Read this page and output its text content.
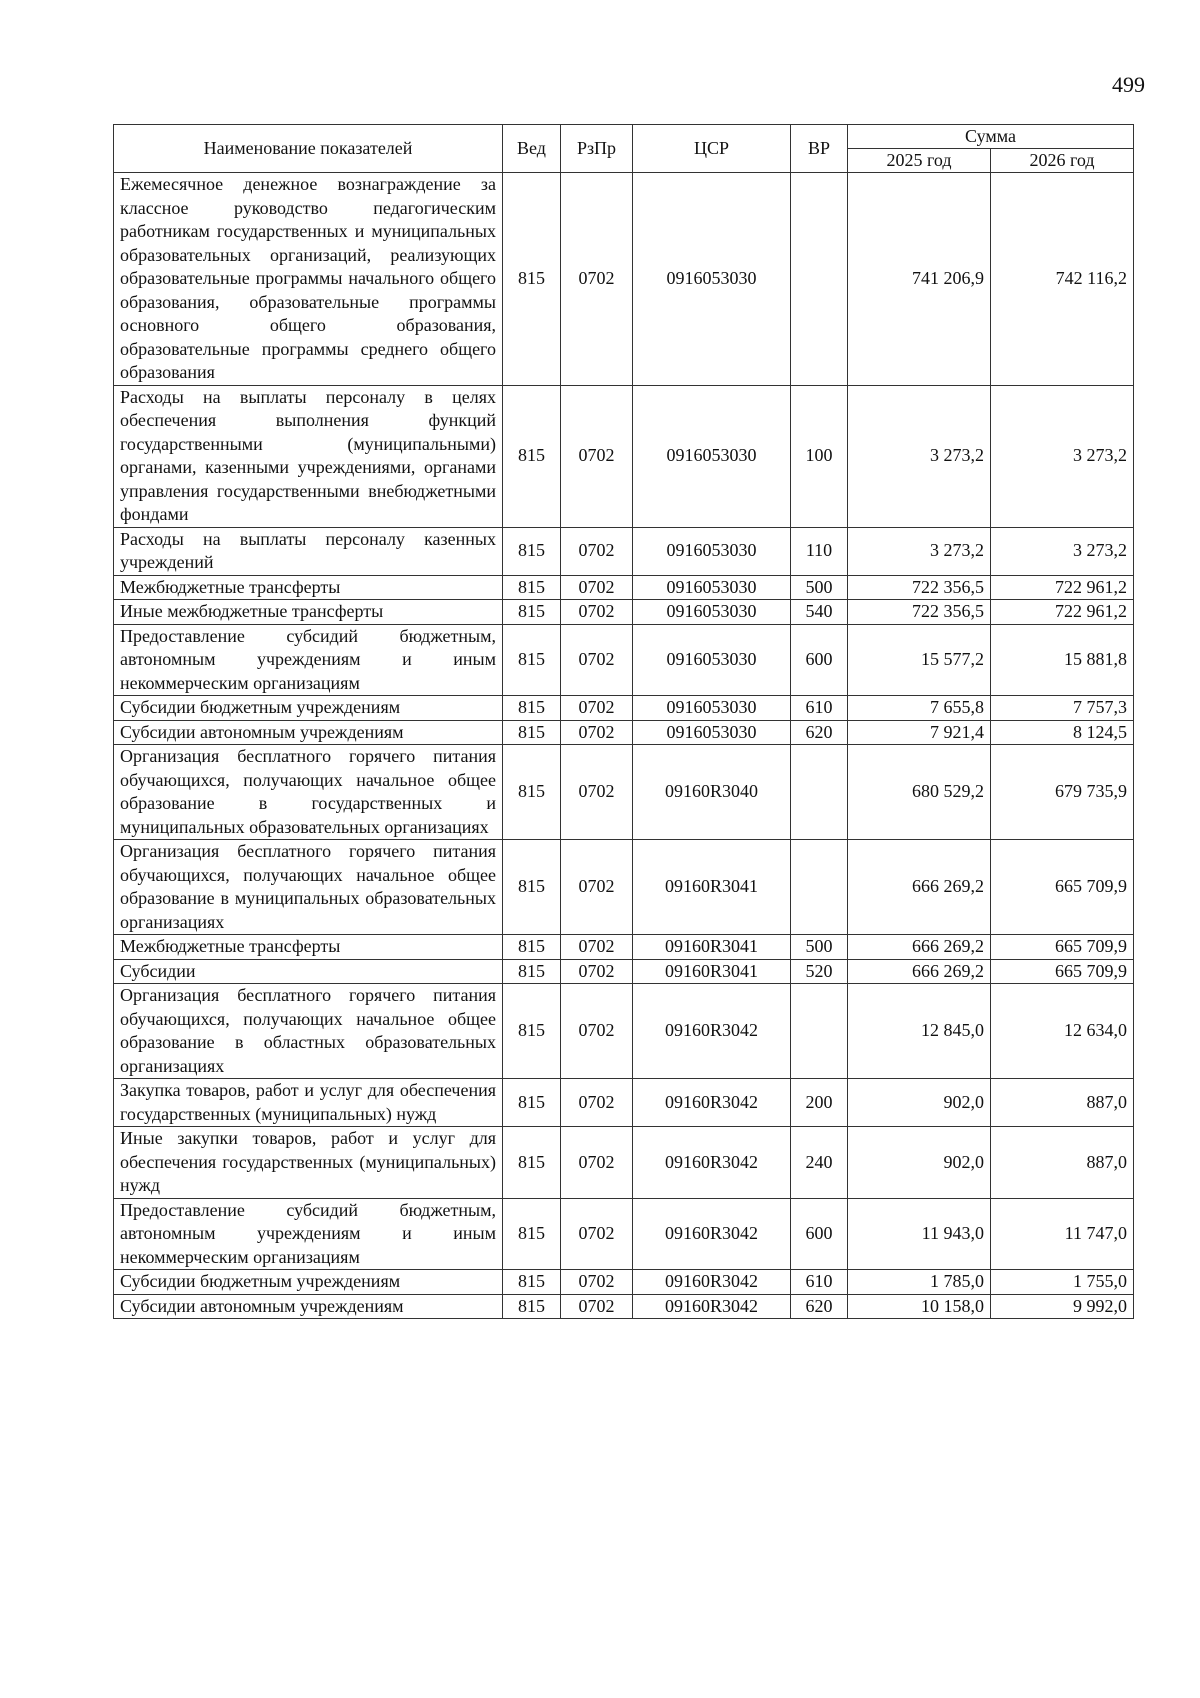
499
Наименование показателей	Вед	РзПр	ЦСР	ВР	Сумма	
					2025 год	2026 год
Ежемесячное денежное вознаграждение за классное руководство педагогическим работникам государственных и муниципальных образовательных организаций, реализующих образовательные программы начального общего образования, образовательные программы основного общего образования, образовательные программы среднего общего образования	815	0702	0916053030		741 206,9	742 116,2
Расходы на выплаты персоналу в целях обеспечения выполнения функций государственными (муниципальными) органами, казенными учреждениями, органами управления государственными внебюджетными фондами	815	0702	0916053030	100	3 273,2	3 273,2
Расходы на выплаты персоналу казенных учреждений	815	0702	0916053030	110	3 273,2	3 273,2
Межбюджетные трансферты	815	0702	0916053030	500	722 356,5	722 961,2
Иные межбюджетные трансферты	815	0702	0916053030	540	722 356,5	722 961,2
Предоставление субсидий бюджетным, автономным учреждениям и иным некоммерческим организациям	815	0702	0916053030	600	15 577,2	15 881,8
Субсидии бюджетным учреждениям	815	0702	0916053030	610	7 655,8	7 757,3
Субсидии автономным учреждениям	815	0702	0916053030	620	7 921,4	8 124,5
Организация бесплатного горячего питания обучающихся, получающих начальное общее образование в государственных и муниципальных образовательных организациях	815	0702	09160R3040		680 529,2	679 735,9
Организация бесплатного горячего питания обучающихся, получающих начальное общее образование в муниципальных образовательных организациях	815	0702	09160R3041		666 269,2	665 709,9
Межбюджетные трансферты	815	0702	09160R3041	500	666 269,2	665 709,9
Субсидии	815	0702	09160R3041	520	666 269,2	665 709,9
Организация бесплатного горячего питания обучающихся, получающих начальное общее образование в областных образовательных организациях	815	0702	09160R3042		12 845,0	12 634,0
Закупка товаров, работ и услуг для обеспечения государственных (муниципальных) нужд	815	0702	09160R3042	200	902,0	887,0
Иные закупки товаров, работ и услуг для обеспечения государственных (муниципальных) нужд	815	0702	09160R3042	240	902,0	887,0
Предоставление субсидий бюджетным, автономным учреждениям и иным некоммерческим организациям	815	0702	09160R3042	600	11 943,0	11 747,0
Субсидии бюджетным учреждениям	815	0702	09160R3042	610	1 785,0	1 755,0
Субсидии автономным учреждениям	815	0702	09160R3042	620	10 158,0	9 992,0
